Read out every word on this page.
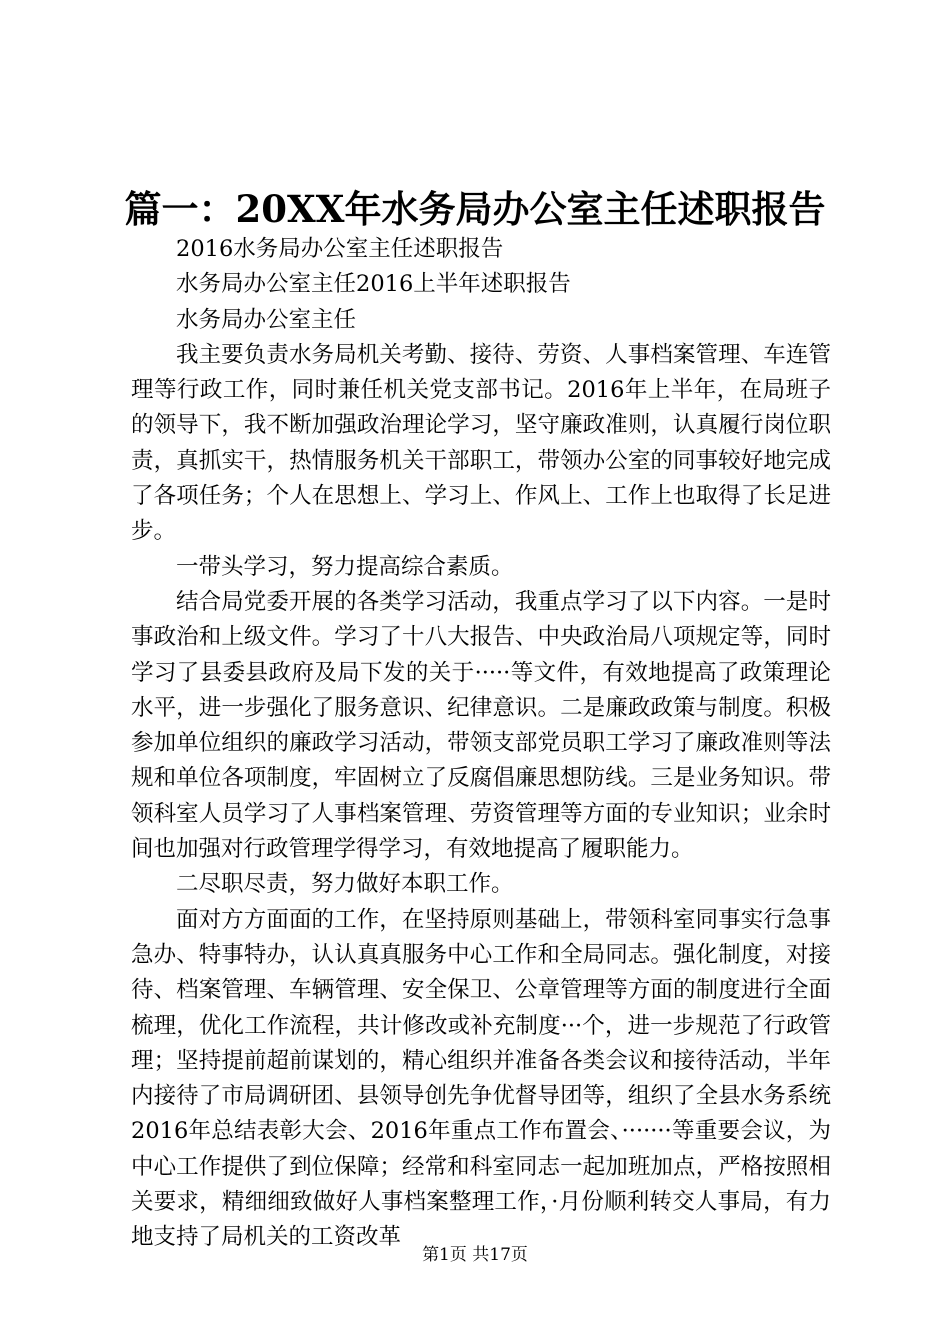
篇一：20XX年水务局办公室主任述职报告

2016水务局办公室主任述职报告

水务局办公室主任2016上半年述职报告

水务局办公室主任

我主要负责水务局机关考勤、接待、劳资、人事档案管理、车连管理等行政工作，同时兼任机关党支部书记。2016年上半年，在局班子的领导下，我不断加强政治理论学习，坚守廉政准则，认真履行岗位职责，真抓实干，热情服务机关干部职工，带领办公室的同事较好地完成了各项任务；个人在思想上、学习上、作风上、工作上也取得了长足进步。

一带头学习，努力提高综合素质。

结合局党委开展的各类学习活动，我重点学习了以下内容。一是时事政治和上级文件。学习了十八大报告、中央政治局八项规定等，同时学习了县委县政府及局下发的关于·····等文件，有效地提高了政策理论水平，进一步强化了服务意识、纪律意识。二是廉政政策与制度。积极参加单位组织的廉政学习活动，带领支部党员职工学习了廉政准则等法规和单位各项制度，牢固树立了反腐倡廉思想防线。三是业务知识。带领科室人员学习了人事档案管理、劳资管理等方面的专业知识；业余时间也加强对行政管理学得学习，有效地提高了履职能力。

二尽职尽责，努力做好本职工作。

面对方方面面的工作，在坚持原则基础上，带领科室同事实行急事急办、特事特办，认认真真服务中心工作和全局同志。强化制度，对接待、档案管理、车辆管理、安全保卫、公章管理等方面的制度进行全面梳理，优化工作流程，共计修改或补充制度···个，进一步规范了行政管理；坚持提前超前谋划的，精心组织并准备各类会议和接待活动，半年内接待了市局调研团、县领导创先争优督导团等，组织了全县水务系统2016年总结表彰大会、2016年重点工作布置会、·······等重要会议，为中心工作提供了到位保障；经常和科室同志一起加班加点，严格按照相关要求，精细细致做好人事档案整理工作，·月份顺利转交人事局，有力地支持了局机关的工资改革

第1页 共17页
